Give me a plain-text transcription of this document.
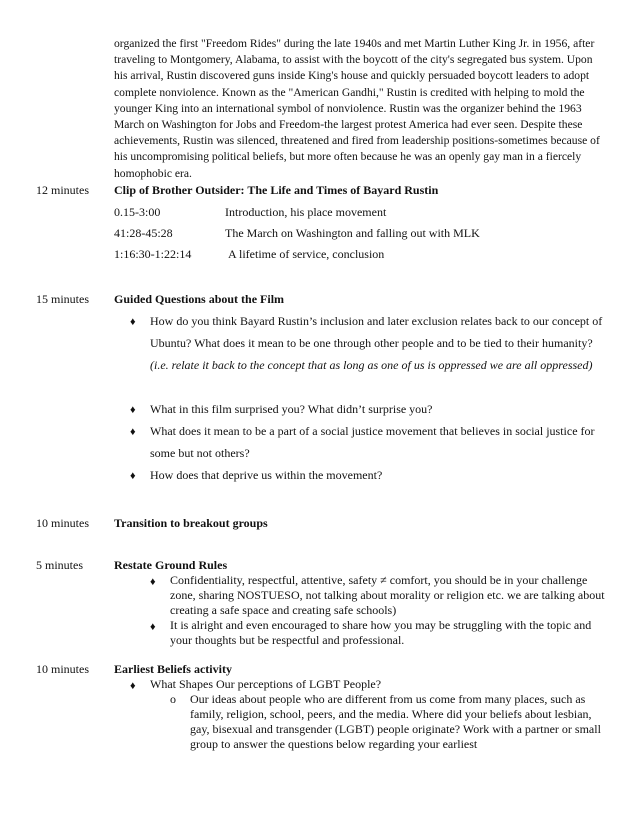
organized the first "Freedom Rides" during the late 1940s and met Martin Luther King Jr. in 1956, after traveling to Montgomery, Alabama, to assist with the boycott of the city's segregated bus system. Upon his arrival, Rustin discovered guns inside King's house and quickly persuaded boycott leaders to adopt complete nonviolence. Known as the "American Gandhi," Rustin is credited with helping to mold the younger King into an international symbol of nonviolence. Rustin was the organizer behind the 1963 March on Washington for Jobs and Freedom-the largest protest America had ever seen. Despite these achievements, Rustin was silenced, threatened and fired from leadership positions-sometimes because of his uncompromising political beliefs, but more often because he was an openly gay man in a fiercely homophobic era.

12 minutes Clip of Brother Outsider: The Life and Times of Bayard Rustin
0.15-3:00	Introduction, his place movement
41:28-45:28	The March on Washington and falling out with MLK
1:16:30-1:22:14	A lifetime of service, conclusion
15 minutes Guided Questions about the Film
♦ How do you think Bayard Rustin’s inclusion and later exclusion relates back to our concept of Ubuntu? What does it mean to be one through other people and to be tied to their humanity? (i.e. relate it back to the concept that as long as one of us is oppressed we are all oppressed)

♦ What in this film surprised you? What didn’t surprise you?

♦ What does it mean to be a part of a social justice movement that believes in social justice for some but not others?

♦ How does that deprive us within the movement?

10 minutes Transition to breakout groups
5 minutes	Restate Ground Rules
♦ Confidentiality, respectful, attentive, safety ≠ comfort, you should be in your challenge zone, sharing NOSTUESO, not talking about morality or religion etc. we are talking about creating a safe space and creating safe schools)

♦ It is alright and even encouraged to share how you may be struggling with the topic and your thoughts but be respectful and professional.

10 minutes Earliest Beliefs activity
♦ What Shapes Our perceptions of LGBT People?
o Our ideas about people who are different from us come from many places, such as family, religion, school, peers, and the media. Where did your beliefs about lesbian, gay, bisexual and transgender (LGBT) people originate? Work with a partner or small group to answer the questions below regarding your earliest
